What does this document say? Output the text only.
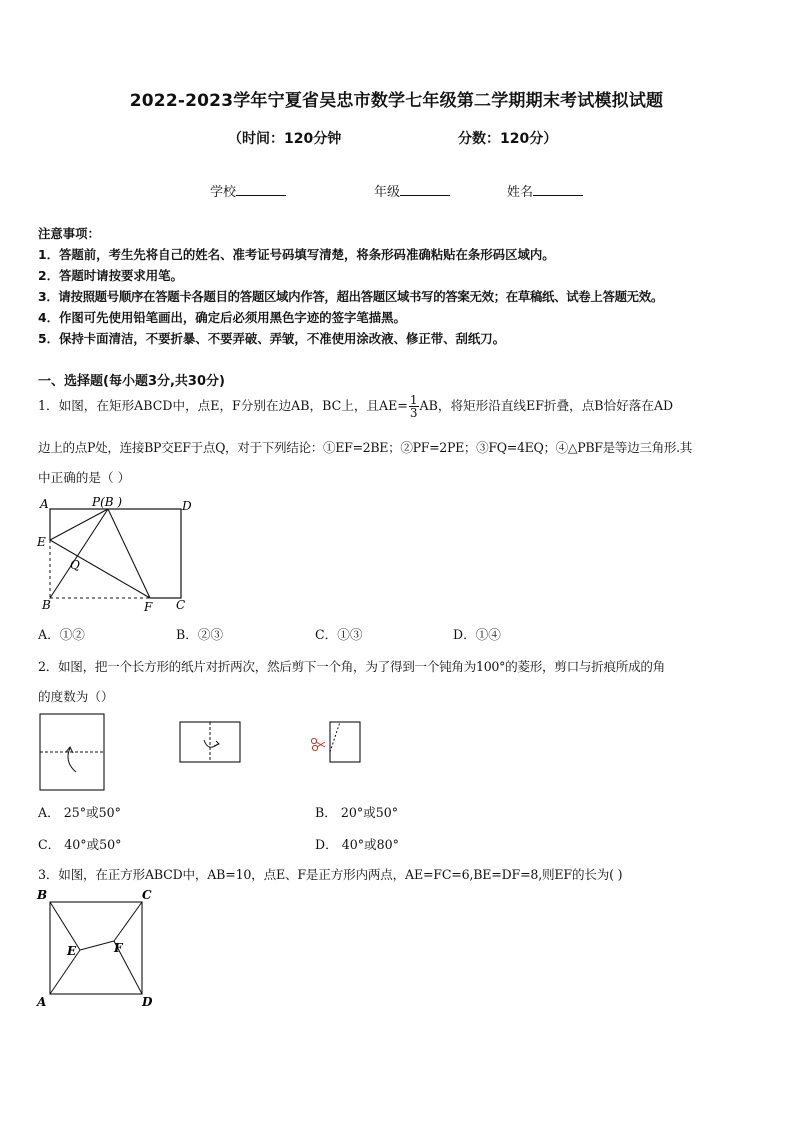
2022-2023学年宁夏省吴忠市数学七年级第二学期期末考试模拟试题
（时间：120分钟	分数：120分）
学校	年级	姓名
注意事项：
1．答题前，考生先将自己的姓名、准考证号码填写清楚，将条形码准确粘贴在条形码区域内。
2．答题时请按要求用笔。
3．请按照题号顺序在答题卡各题目的答题区域内作答，超出答题区域书写的答案无效；在草稿纸、试卷上答题无效。
4．作图可先使用铅笔画出，确定后必须用黑色字迹的签字笔描黑。
5．保持卡面清洁，不要折暴、不要弄破、弄皱，不准使用涂改液、修正带、刮纸刀。
一、选择题(每小题3分,共30分)
1．如图，在矩形ABCD中，点E，F分别在边AB，BC上，且$AE= \frac{1}{3}$ AB，将矩形沿直线EF折叠，点B恰好落在AD
边上的点P处，连接BP交EF于点Q，对于下列结论：①EF=2BE；②PF=2PE；③FQ=4EQ；④△PBF是等边三角形.其
中正确的是（ ）
A	P(B )	D
E
Q
B	F C
A．①②	B．②③	C．①③	D．①④
2．如图，把一个长方形的纸片对折两次，然后剪下一个角，为了得到一个钝角为100°的菱形，剪口与折痕所成的角
的度数为（）
A． 25°或50°	B． 20°或50°
C． 40°或50°	D． 40°或80°
3．如图，在正方形ABCD中，AB=10，点E、F是正方形内两点，AE=FC=6,BE=DF=8,则EF的长为( )
B	C
E	F
A	D
